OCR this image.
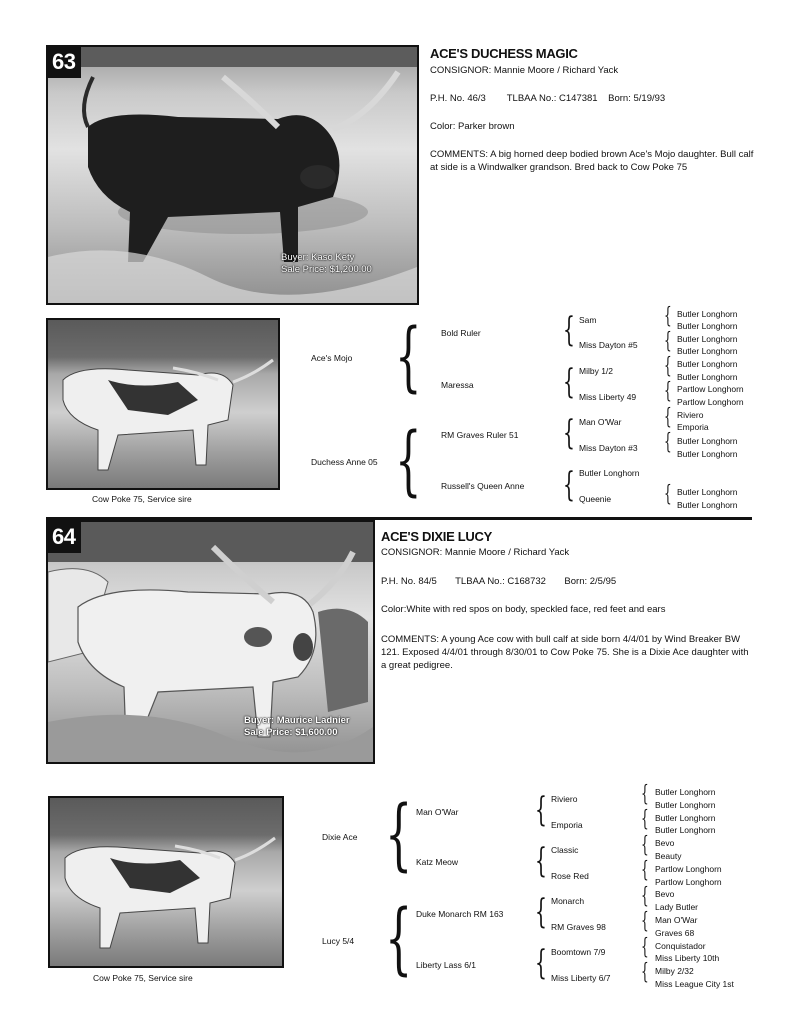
63
Buyer: Kaso Kety
Sale Price: $1,200.00
ACE'S DUCHESS MAGIC
CONSIGNOR: Mannie Moore / Richard Yack
P.H. No. 46/3        TLBAA No.: C147381    Born: 5/19/93
Color: Parker brown
COMMENTS: A big horned deep bodied brown Ace's Mojo daughter. Bull calf at side is a Windwalker grandson. Bred back to Cow Poke 75
Cow Poke 75, Service sire
Ace's Mojo
Duchess Anne 05
{
{
Bold Ruler
Maressa
RM Graves Ruler 51
Russell's Queen Anne
{
{
{
{
Sam
Miss Dayton #5
Milby 1/2
Miss Liberty 49
Man O'War
Miss Dayton #3
Butler Longhorn
Queenie
{
{
{
{
{
{
{
Butler Longhorn
Butler Longhorn
Butler Longhorn
Butler Longhorn
Butler Longhorn
Butler Longhorn
Partlow Longhorn
Partlow Longhorn
Riviero
Emporia
Butler Longhorn
Butler Longhorn
Butler Longhorn
Butler Longhorn
64
Buyer: Maurice Ladnier
Sale Price: $1,600.00
ACE'S DIXIE LUCY
CONSIGNOR: Mannie Moore / Richard Yack
P.H. No. 84/5       TLBAA No.: C168732       Born: 2/5/95
Color:White with red spos on body, speckled face, red feet and ears
COMMENTS: A young Ace cow with bull calf at side born 4/4/01 by Wind Breaker BW 121. Exposed 4/4/01 through 8/30/01 to Cow Poke 75. She is a Dixie Ace daughter with a great pedigree.
Cow Poke 75, Service sire
Dixie Ace
Lucy 5/4
{
{
Man O'War
Katz Meow
Duke Monarch RM 163
Liberty Lass 6/1
{
{
{
{
Riviero
Emporia
Classic
Rose Red
Monarch
RM Graves 98
Boomtown 7/9
Miss Liberty 6/7
{
{
{
{
{
{
{
{
Butler Longhorn
Butler Longhorn
Butler Longhorn
Butler Longhorn
Bevo
Beauty
Partlow Longhorn
Partlow Longhorn
Bevo
Lady Butler
Man O'War
Graves 68
Conquistador
Miss Liberty 10th
Milby 2/32
Miss League City 1st
